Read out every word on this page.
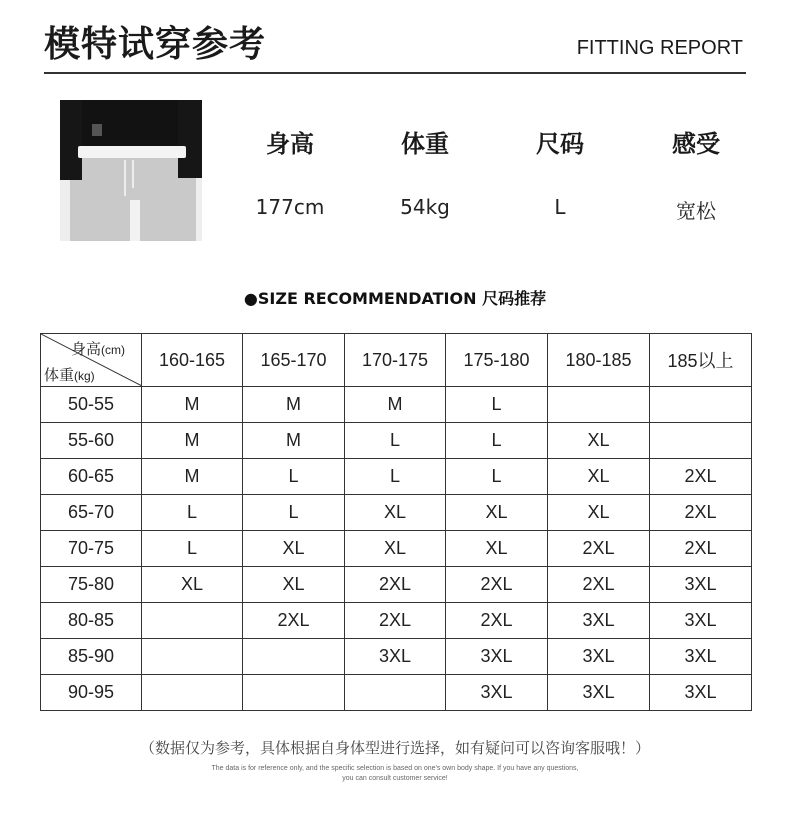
模特试穿参考	FITTING REPORT
身高	体重	尺码	感受
177cm	54kg	L	宽松
●SIZE RECOMMENDATION 尺码推荐
身高(cm)
体重(kg)	160-165	165-170	170-175	175-180	180-185	185以上
50-55	M	M	M	L		
55-60	M	M	L	L	XL	
60-65	M	L	L	L	XL	2XL
65-70	L	L	XL	XL	XL	2XL
70-75	L	XL	XL	XL	2XL	2XL
75-80	XL	XL	2XL	2XL	2XL	3XL
80-85		2XL	2XL	2XL	3XL	3XL
85-90			3XL	3XL	3XL	3XL
90-95				3XL	3XL	3XL
（数据仅为参考，具体根据自身体型进行选择，如有疑问可以咨询客服哦！）
The data is for reference only, and the specific selection is based on one's own body shape. If you have any questions,
you can consult customer service!
